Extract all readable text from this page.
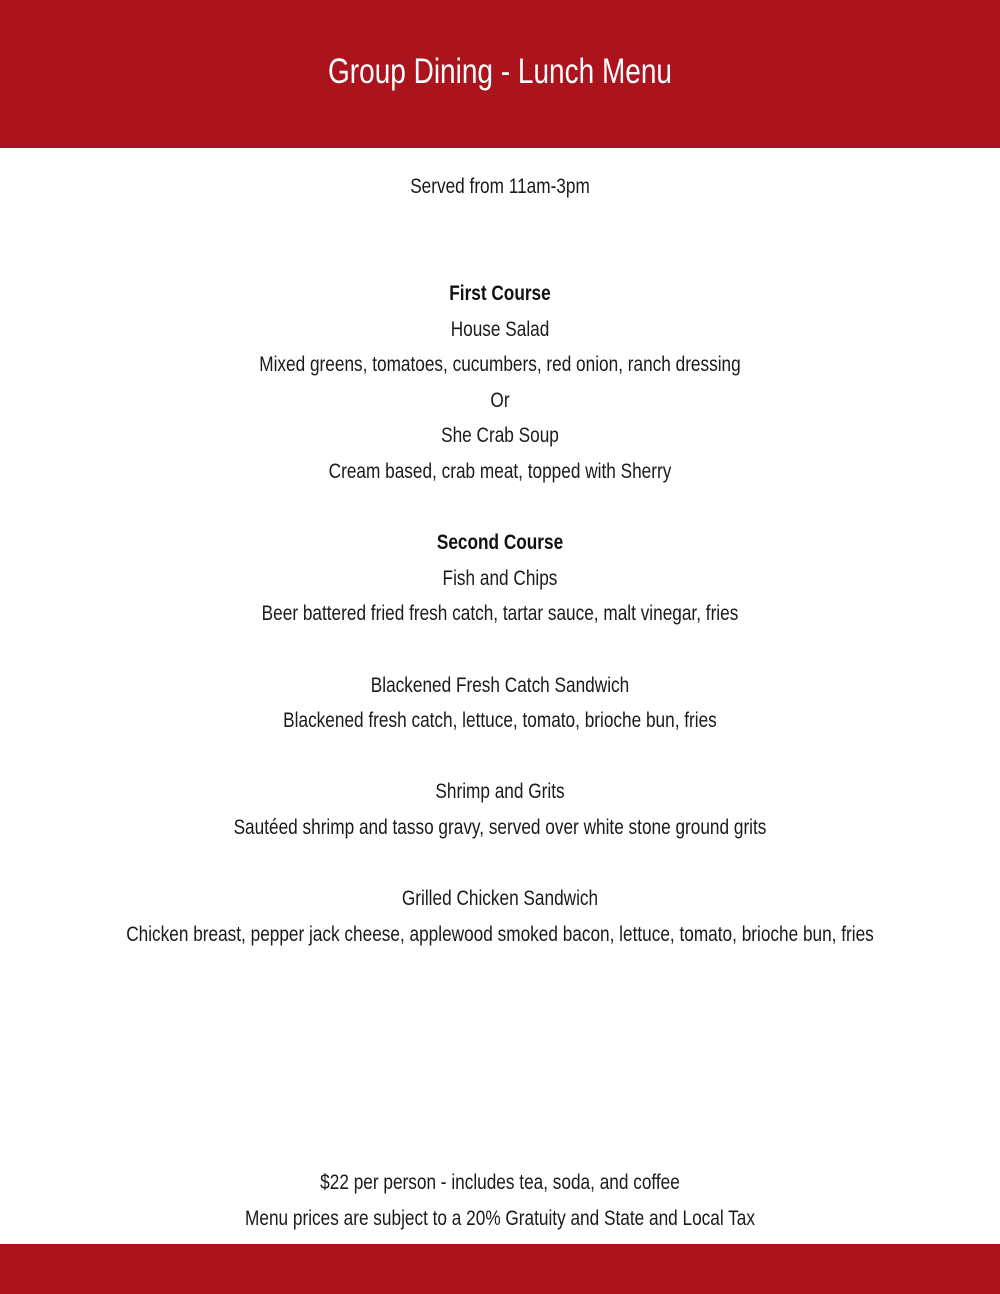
Group Dining - Lunch Menu
Served from 11am-3pm
First Course
House Salad
Mixed greens, tomatoes, cucumbers, red onion, ranch dressing
Or
She Crab Soup
Cream based, crab meat, topped with Sherry
Second Course
Fish and Chips
Beer battered fried fresh catch, tartar sauce, malt vinegar, fries
Blackened Fresh Catch Sandwich
Blackened fresh catch, lettuce, tomato, brioche bun, fries
Shrimp and Grits
Sautéed shrimp and tasso gravy, served over white stone ground grits
Grilled Chicken Sandwich
Chicken breast, pepper jack cheese, applewood smoked bacon, lettuce, tomato, brioche bun, fries
$22 per person - includes tea, soda, and coffee
Menu prices are subject to a 20% Gratuity and State and Local Tax
